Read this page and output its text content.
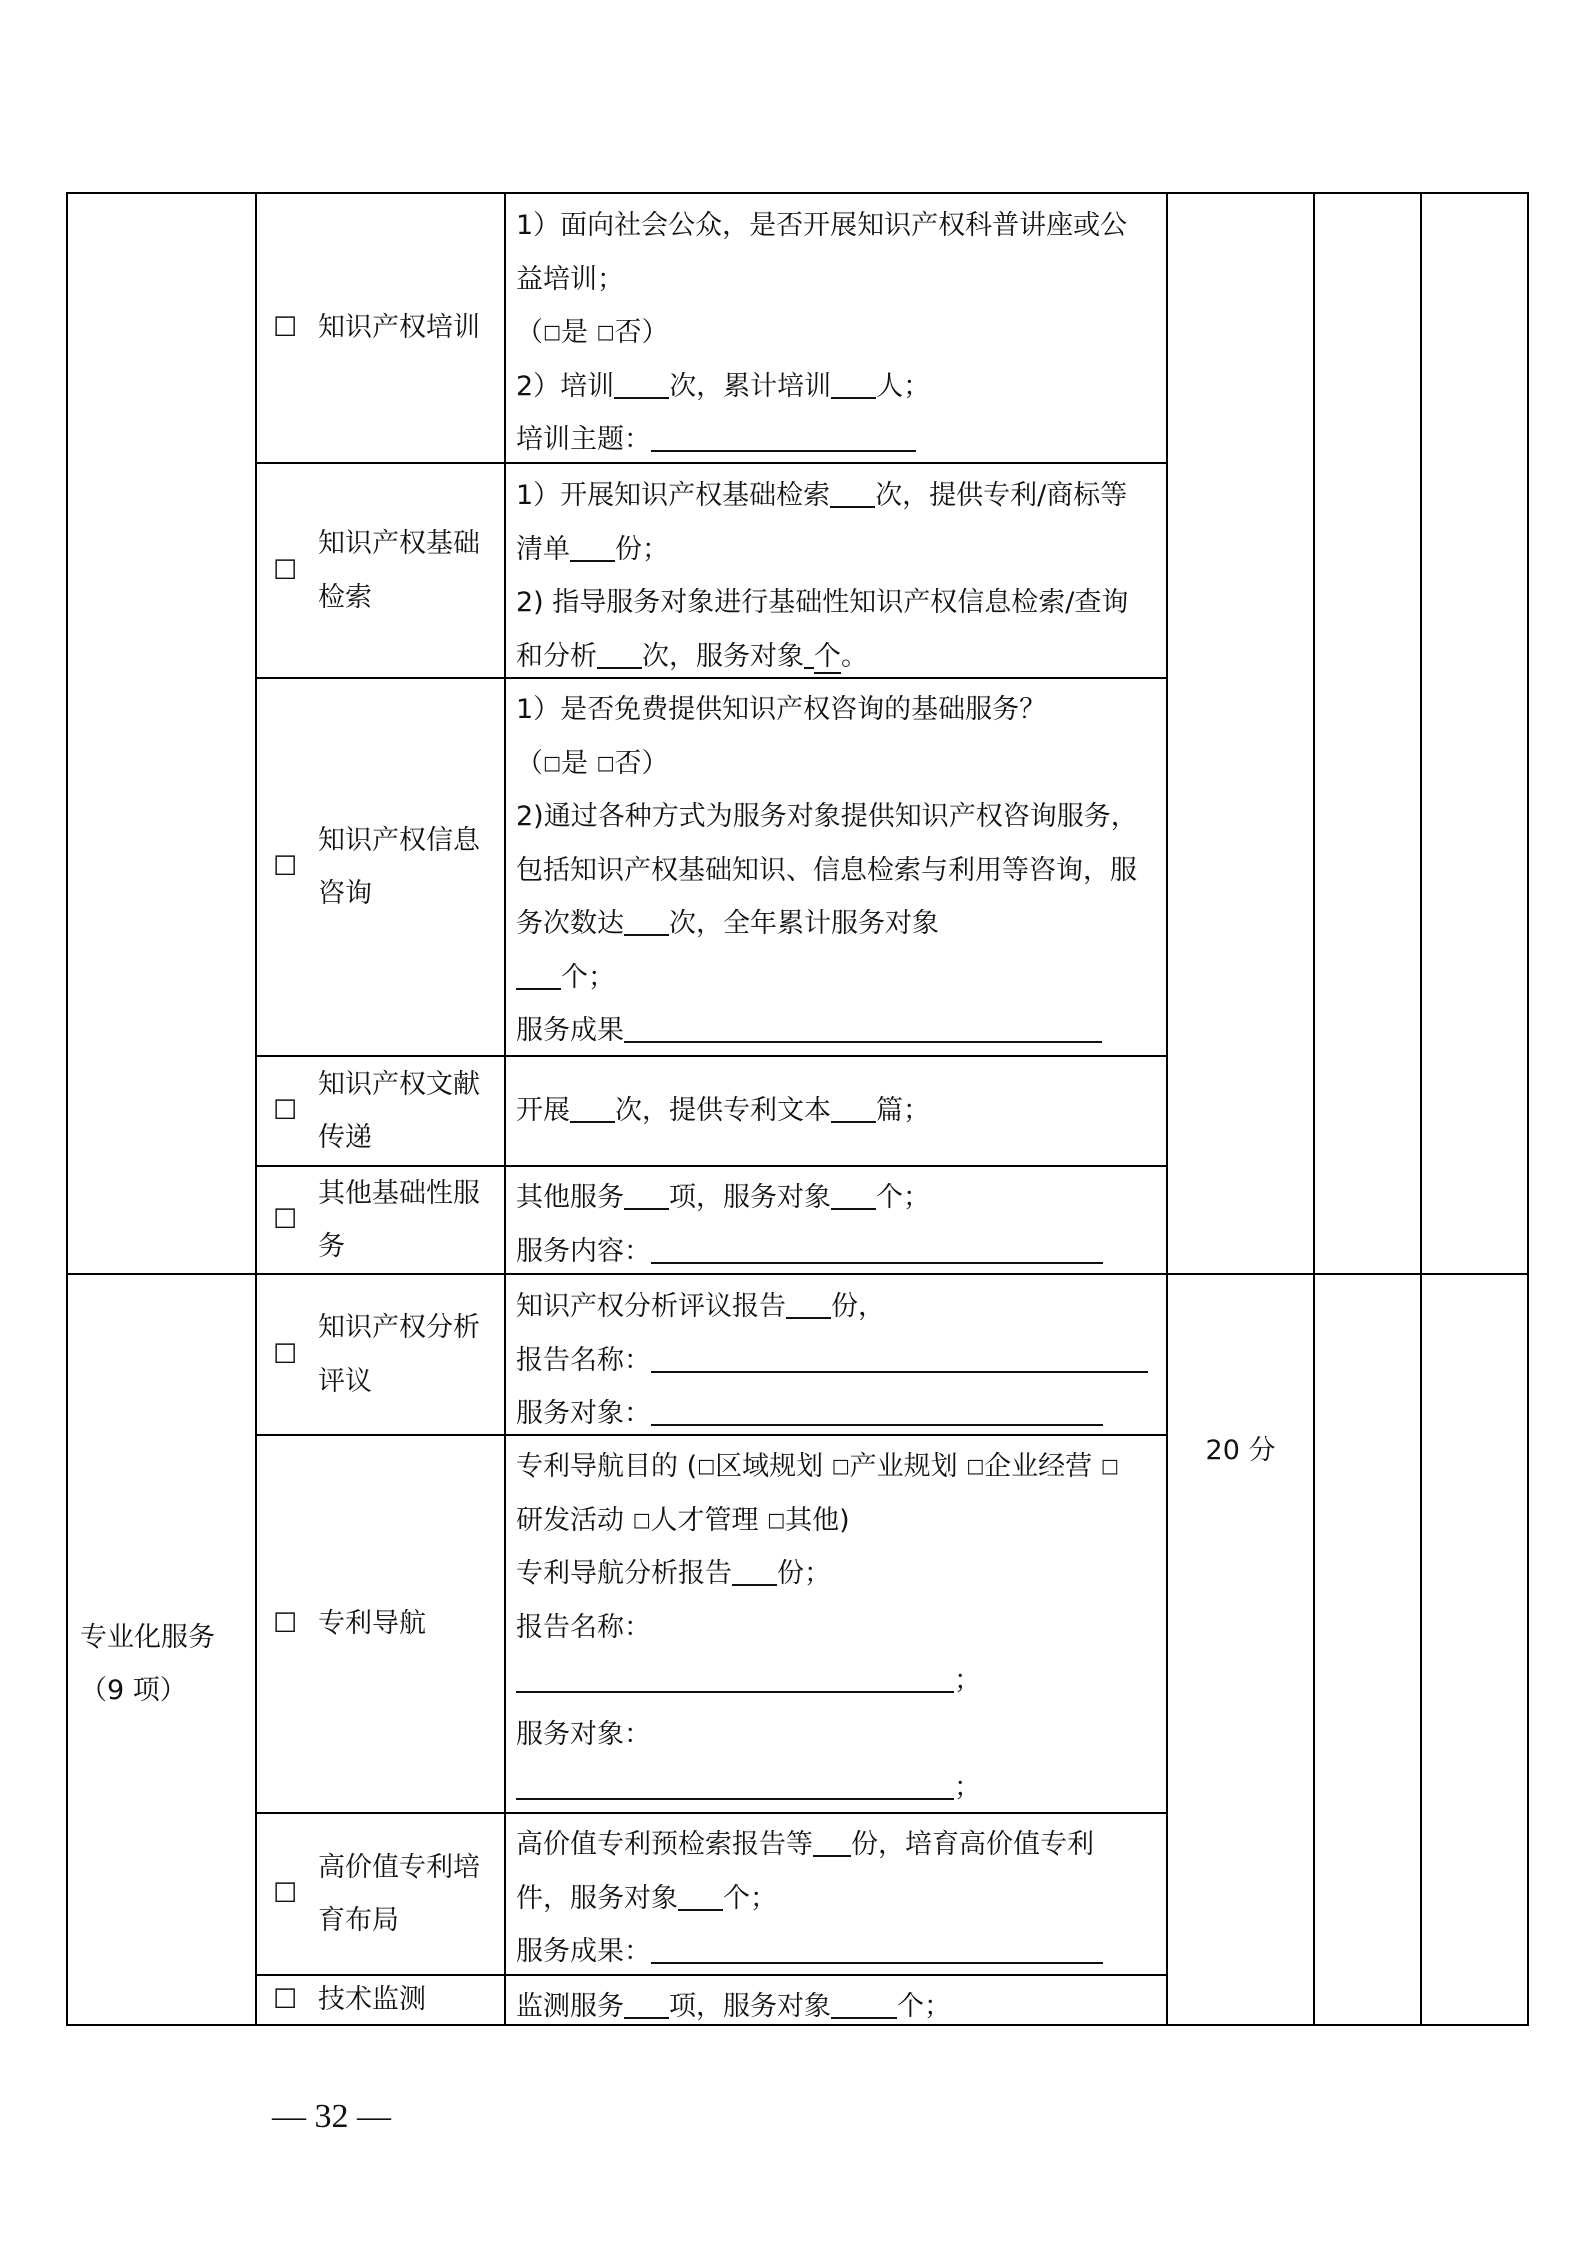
☐ 知识产权培训
☐
知识产权基础检索
☐
知识产权信息咨询
☐
知识产权文献传递
☐
其他基础性服务
☐
知识产权分析评议
☐ 专利导航
☐
高价值专利培育布局
☐ 技术监测
1）面向社会公众，是否开展知识产权科普讲座或公
益培训；
（□是 □否）
2）培训 次，累计培训 人；
培训主题：
1）开展知识产权基础检索 次，提供专利/商标等
清单 份；
2) 指导服务对象进行基础性知识产权信息检索/查询
和分析 次，服务对象 个。
1）是否免费提供知识产权咨询的基础服务？
（□是 □否）
2)通过各种方式为服务对象提供知识产权咨询服务，
包括知识产权基础知识、信息检索与利用等咨询，服
务次数达 次，全年累计服务对象
个；
服务成果
开展 次，提供专利文本 篇；
其他服务 项，服务对象 个；
服务内容：
知识产权分析评议报告 份，
报告名称：
服务对象：
专利导航目的 (□区域规划 □产业规划 □企业经营 □
研发活动 □人才管理 □其他)
专利导航分析报告 份；
报告名称：
；
服务对象：
；
高价值专利预检索报告等 份，培育高价值专利
件，服务对象 个；
服务成果：
监测服务 项，服务对象 个；
专业化服务
（9 项）
20 分
— 32 —
